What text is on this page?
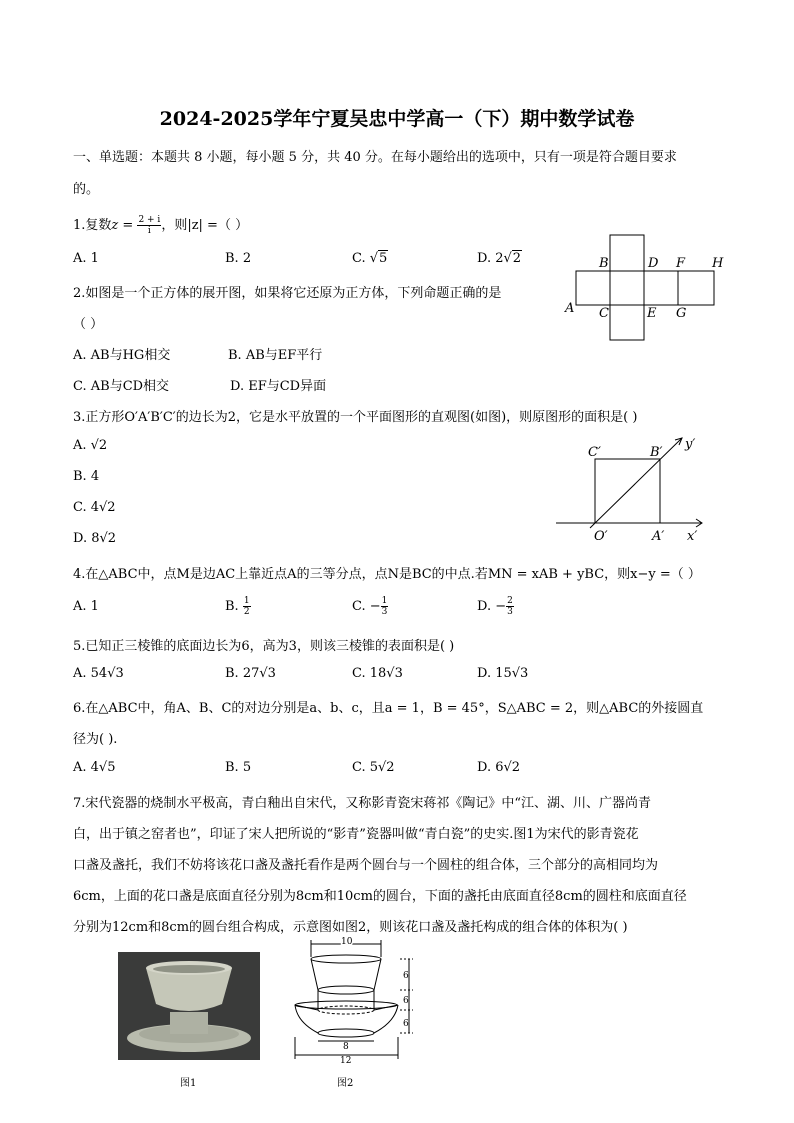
2024-2025学年宁夏吴忠中学高一（下）期中数学试卷
一、单选题：本题共 8 小题，每小题 5 分，共 40 分。在每小题给出的选项中，只有一项是符合题目要求
的。
1.复数$z = \frac{2 + i}{i}$ ，则|z| =（ ）
A. 1	B. 2	C. √5	D. 2√2	B	D F H
A C	E G
2.如图是一个正方体的展开图，如果将它还原为正方体，下列命题正确的是
（ ）
A. AB与HG相交	B. AB与EF平行
C. AB与CD相交	D. EF与CD异面
3.正方形O′A′B′C′的边长为2，它是水平放置的一个平面图形的直观图(如图)，则原图形的面积是( )
A. √2
B. 4
C. 4√2
D. 8√2
C′	B′
y′
O′	A′ x′
4.在△ABC中，点M是边AC上靠近点A的三等分点，点N是BC的中点.若MN = xAB + yBC，则x−y =（ ）
A. 1	B. $\frac{1}{2}$	C. − $\frac{1}{3}$	D. − $\frac{2}{3}$
5.已知正三棱锥的底面边长为6，高为3，则该三棱锥的表面积是( )
A. 54√3	B. 27√3	C. 18√3	D. 15√3
6.在△ABC中，角A、B、C的对边分别是a、b、c，且a = 1，B = 45°，S△ABC = 2，则△ABC的外接圆直
径为( ).
A. 4√5	B. 5	C. 5√2	D. 6√2
7.宋代瓷器的烧制水平极高，青白釉出自宋代，又称影青瓷宋蒋祁《陶记》中“江、湖、川、广器尚青
白，出于镇之窑者也”，印证了宋人把所说的“影青”瓷器叫做“青白瓷”的史实.图1为宋代的影青瓷花
口盏及盏托，我们不妨将该花口盏及盏托看作是两个圆台与一个圆柱的组合体，三个部分的高相同均为
6cm，上面的花口盏是底面直径分别为8cm和10cm的圆台，下面的盏托由底面直径8cm的圆柱和底面直径
分别为12cm和8cm的圆台组合构成，示意图如图2，则该花口盏及盏托构成的组合体的体积为( )
图1
10
6
6
6
8
12
图2
